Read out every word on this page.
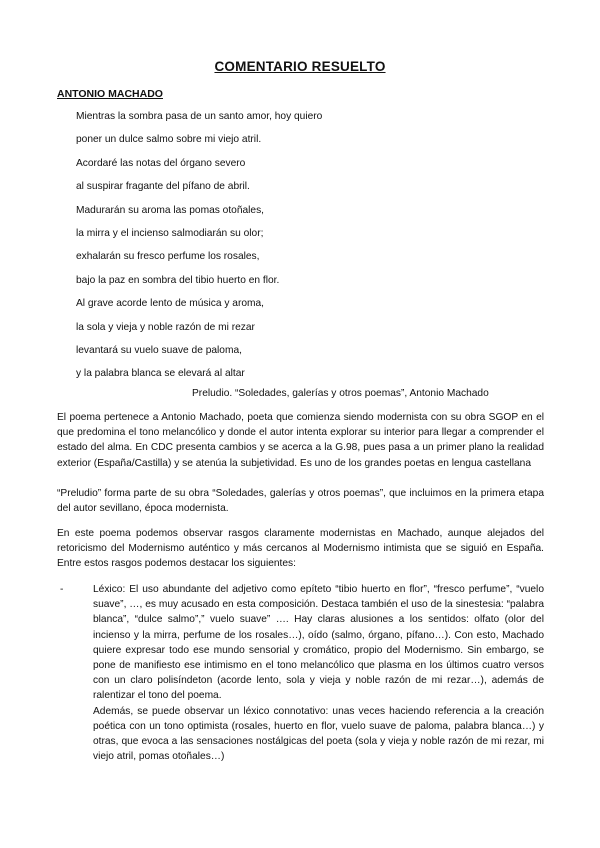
COMENTARIO RESUELTO
ANTONIO MACHADO
Mientras la sombra pasa de un santo amor, hoy quiero
poner un dulce salmo sobre mi viejo atril.
Acordaré las notas del órgano severo
al suspirar fragante del pífano de abril.
Madurarán su aroma las pomas otoñales,
la mirra y el incienso salmodiarán su olor;
exhalarán su fresco perfume los rosales,
bajo la paz en sombra del tibio huerto en flor.
Al grave acorde lento de música y aroma,
la sola y vieja y noble razón de mi rezar
levantará su vuelo suave de paloma,
y la palabra blanca se elevará al altar
Preludio. “Soledades, galerías y otros poemas”, Antonio Machado

El poema pertenece a Antonio Machado, poeta que comienza siendo modernista con su obra SGOP en el que predomina el tono melancólico y donde el autor intenta explorar su interior para llegar a comprender el estado del alma. En CDC presenta cambios y se acerca a la G.98, pues pasa a un primer plano la realidad exterior (España/Castilla) y se atenúa la subjetividad. Es uno de los grandes poetas en lengua castellana

“Preludio” forma parte de su obra “Soledades, galerías y otros poemas”, que incluimos en la primera etapa del autor sevillano, época modernista.

En este poema podemos observar rasgos claramente modernistas en Machado, aunque alejados del retoricismo del Modernismo auténtico y más cercanos al Modernismo intimista que se siguió en España. Entre estos rasgos podemos destacar los siguientes:

-	Léxico: El uso abundante del adjetivo como epíteto “tibio huerto en flor”, “fresco perfume”, “vuelo suave”, …, es muy acusado en esta composición. Destaca también el uso de la sinestesia: “palabra blanca”, “dulce salmo”,” vuelo suave” …. Hay claras alusiones a los sentidos: olfato (olor del incienso y la mirra, perfume de los rosales…), oído (salmo, órgano, pífano…). Con esto, Machado quiere expresar todo ese mundo sensorial y cromático, propio del Modernismo. Sin embargo, se pone de manifiesto ese intimismo en el tono melancólico que plasma en los últimos cuatro versos con un claro polisíndeton (acorde lento, sola y vieja y noble razón de mi rezar…), además de ralentizar el tono del poema.

Además, se puede observar un léxico connotativo: unas veces haciendo referencia a la creación poética con un tono optimista (rosales, huerto en flor, vuelo suave de paloma, palabra blanca…) y otras, que evoca a las sensaciones nostálgicas del poeta (sola y vieja y noble razón de mi rezar, mi viejo atril, pomas otoñales…)
